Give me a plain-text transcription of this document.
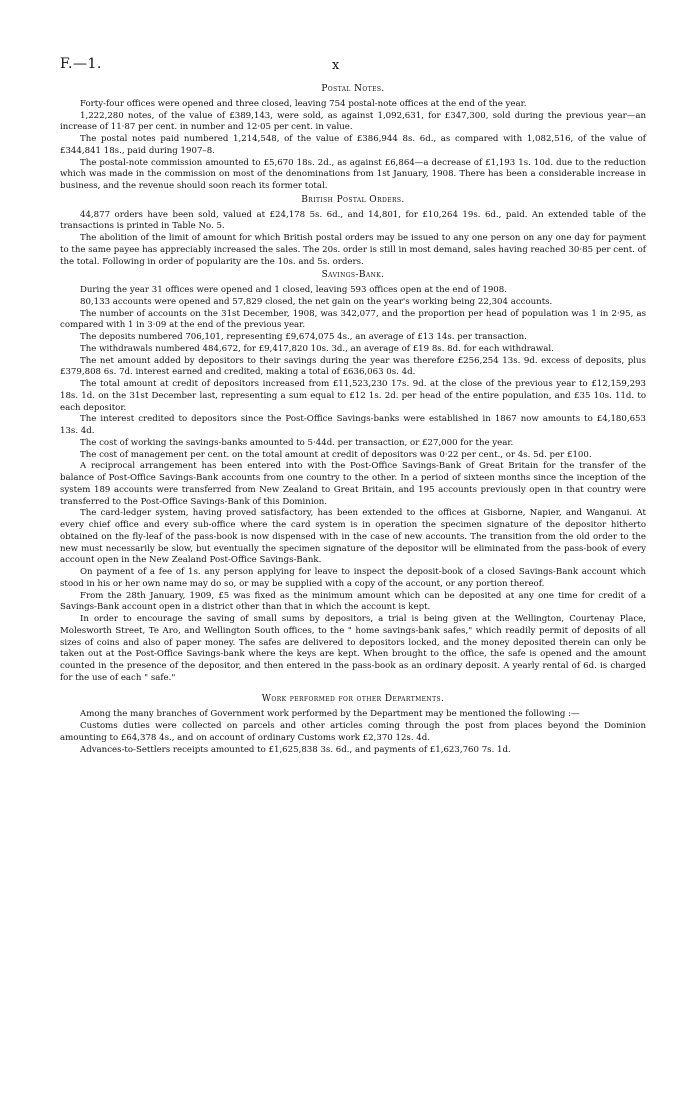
F.—1.	x
Postal Notes.

Forty-four offices were opened and three closed, leaving 754 postal-note offices at the end of the year.

1,222,280 notes, of the value of £389,143, were sold, as against 1,092,631, for £347,300, sold during the previous year—an increase of 11·87 per cent. in number and 12·05 per cent. in value.

The postal notes paid numbered 1,214,548, of the value of £386,944 8s. 6d., as compared with 1,082,516, of the value of £344,841 18s., paid during 1907–8.

The postal-note commission amounted to £5,670 18s. 2d., as against £6,864—a decrease of £1,193 1s. 10d. due to the reduction which was made in the commission on most of the denominations from 1st January, 1908. There has been a considerable increase in business, and the revenue should soon reach its former total.

British Postal Orders.

44,877 orders have been sold, valued at £24,178 5s. 6d., and 14,801, for £10,264 19s. 6d., paid. An extended table of the transactions is printed in Table No. 5.

The abolition of the limit of amount for which British postal orders may be issued to any one person on any one day for payment to the same payee has appreciably increased the sales. The 20s. order is still in most demand, sales having reached 30·85 per cent. of the total. Following in order of popularity are the 10s. and 5s. orders.

Savings-Bank.

During the year 31 offices were opened and 1 closed, leaving 593 offices open at the end of 1908.

80,133 accounts were opened and 57,829 closed, the net gain on the year's working being 22,304 accounts.

The number of accounts on the 31st December, 1908, was 342,077, and the proportion per head of population was 1 in 2·95, as compared with 1 in 3·09 at the end of the previous year.

The deposits numbered 706,101, representing £9,674,075 4s., an average of £13 14s. per transaction.

The withdrawals numbered 484,672, for £9,417,820 10s. 3d., an average of £19 8s. 8d. for each withdrawal.

The net amount added by depositors to their savings during the year was therefore £256,254 13s. 9d. excess of deposits, plus £379,808 6s. 7d. interest earned and credited, making a total of £636,063 0s. 4d.

The total amount at credit of depositors increased from £11,523,230 17s. 9d. at the close of the previous year to £12,159,293 18s. 1d. on the 31st December last, representing a sum equal to £12 1s. 2d. per head of the entire population, and £35 10s. 11d. to each depositor.

The interest credited to depositors since the Post-Office Savings-banks were established in 1867 now amounts to £4,180,653 13s. 4d.

The cost of working the savings-banks amounted to 5·44d. per transaction, or £27,000 for the year.

The cost of management per cent. on the total amount at credit of depositors was 0·22 per cent., or 4s. 5d. per £100.

A reciprocal arrangement has been entered into with the Post-Office Savings-Bank of Great Britain for the transfer of the balance of Post-Office Savings-Bank accounts from one country to the other. In a period of sixteen months since the inception of the system 189 accounts were transferred from New Zealand to Great Britain, and 195 accounts previously open in that country were transferred to the Post-Office Savings-Bank of this Dominion.

The card-ledger system, having proved satisfactory, has been extended to the offices at Gisborne, Napier, and Wanganui. At every chief office and every sub-office where the card system is in operation the specimen signature of the depositor hitherto obtained on the fly-leaf of the pass-book is now dispensed with in the case of new accounts. The transition from the old order to the new must necessarily be slow, but eventually the specimen signature of the depositor will be eliminated from the pass-book of every account open in the New Zealand Post-Office Savings-Bank.

On payment of a fee of 1s. any person applying for leave to inspect the deposit-book of a closed Savings-Bank account which stood in his or her own name may do so, or may be supplied with a copy of the account, or any portion thereof.

From the 28th January, 1909, £5 was fixed as the minimum amount which can be deposited at any one time for credit of a Savings-Bank account open in a district other than that in which the account is kept.

In order to encourage the saving of small sums by depositors, a trial is being given at the Wellington, Courtenay Place, Molesworth Street, Te Aro, and Wellington South offices, to the " home savings-bank safes," which readily permit of deposits of all sizes of coins and also of paper money. The safes are delivered to depositors locked, and the money deposited therein can only be taken out at the Post-Office Savings-bank where the keys are kept. When brought to the office, the safe is opened and the amount counted in the presence of the depositor, and then entered in the pass-book as an ordinary deposit. A yearly rental of 6d. is charged for the use of each " safe."

Work performed for other Departments.

Among the many branches of Government work performed by the Department may be mentioned the following :—

Customs duties were collected on parcels and other articles coming through the post from places beyond the Dominion amounting to £64,378 4s., and on account of ordinary Customs work £2,370 12s. 4d.

Advances-to-Settlers receipts amounted to £1,625,838 3s. 6d., and payments of £1,623,760 7s. 1d.
